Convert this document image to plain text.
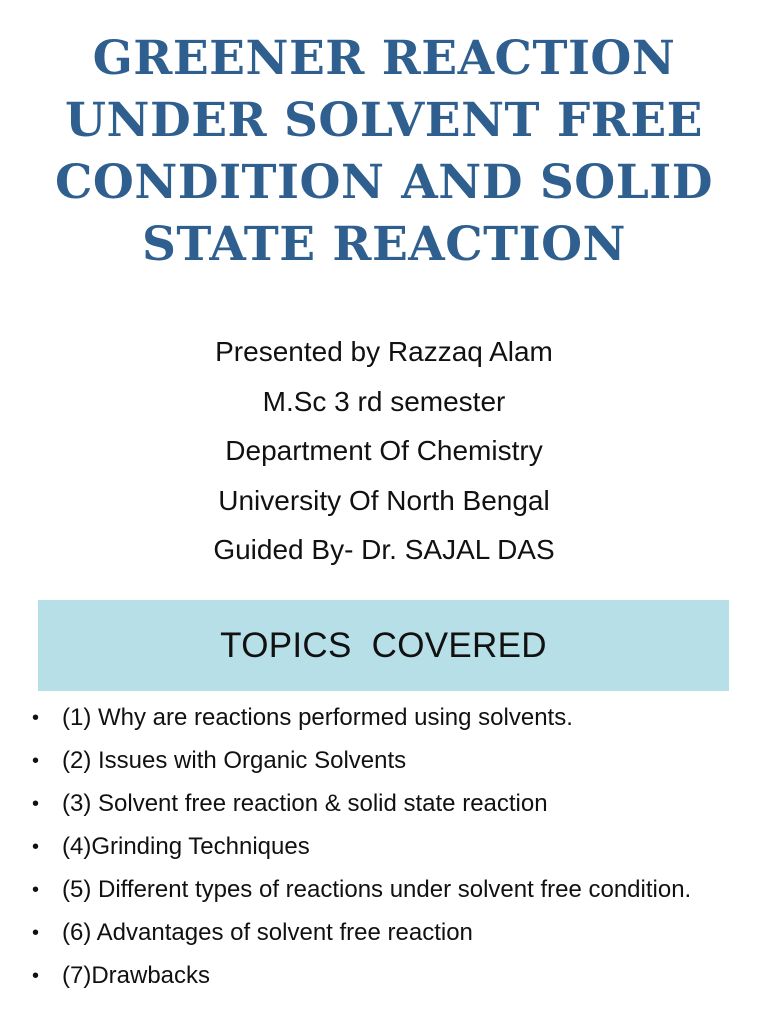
GREENER REACTION
UNDER SOLVENT FREE
CONDITION AND SOLID
STATE REACTION
Presented by Razzaq Alam
M.Sc 3 rd semester
Department Of Chemistry
University Of North Bengal
Guided By- Dr. SAJAL DAS
TOPICS  COVERED
• (1) Why are reactions performed using solvents.
• (2) Issues with Organic Solvents
• (3) Solvent free reaction & solid state reaction
• (4)Grinding Techniques
• (5) Different types of reactions under solvent free condition.
• (6) Advantages of solvent free reaction
• (7)Drawbacks
